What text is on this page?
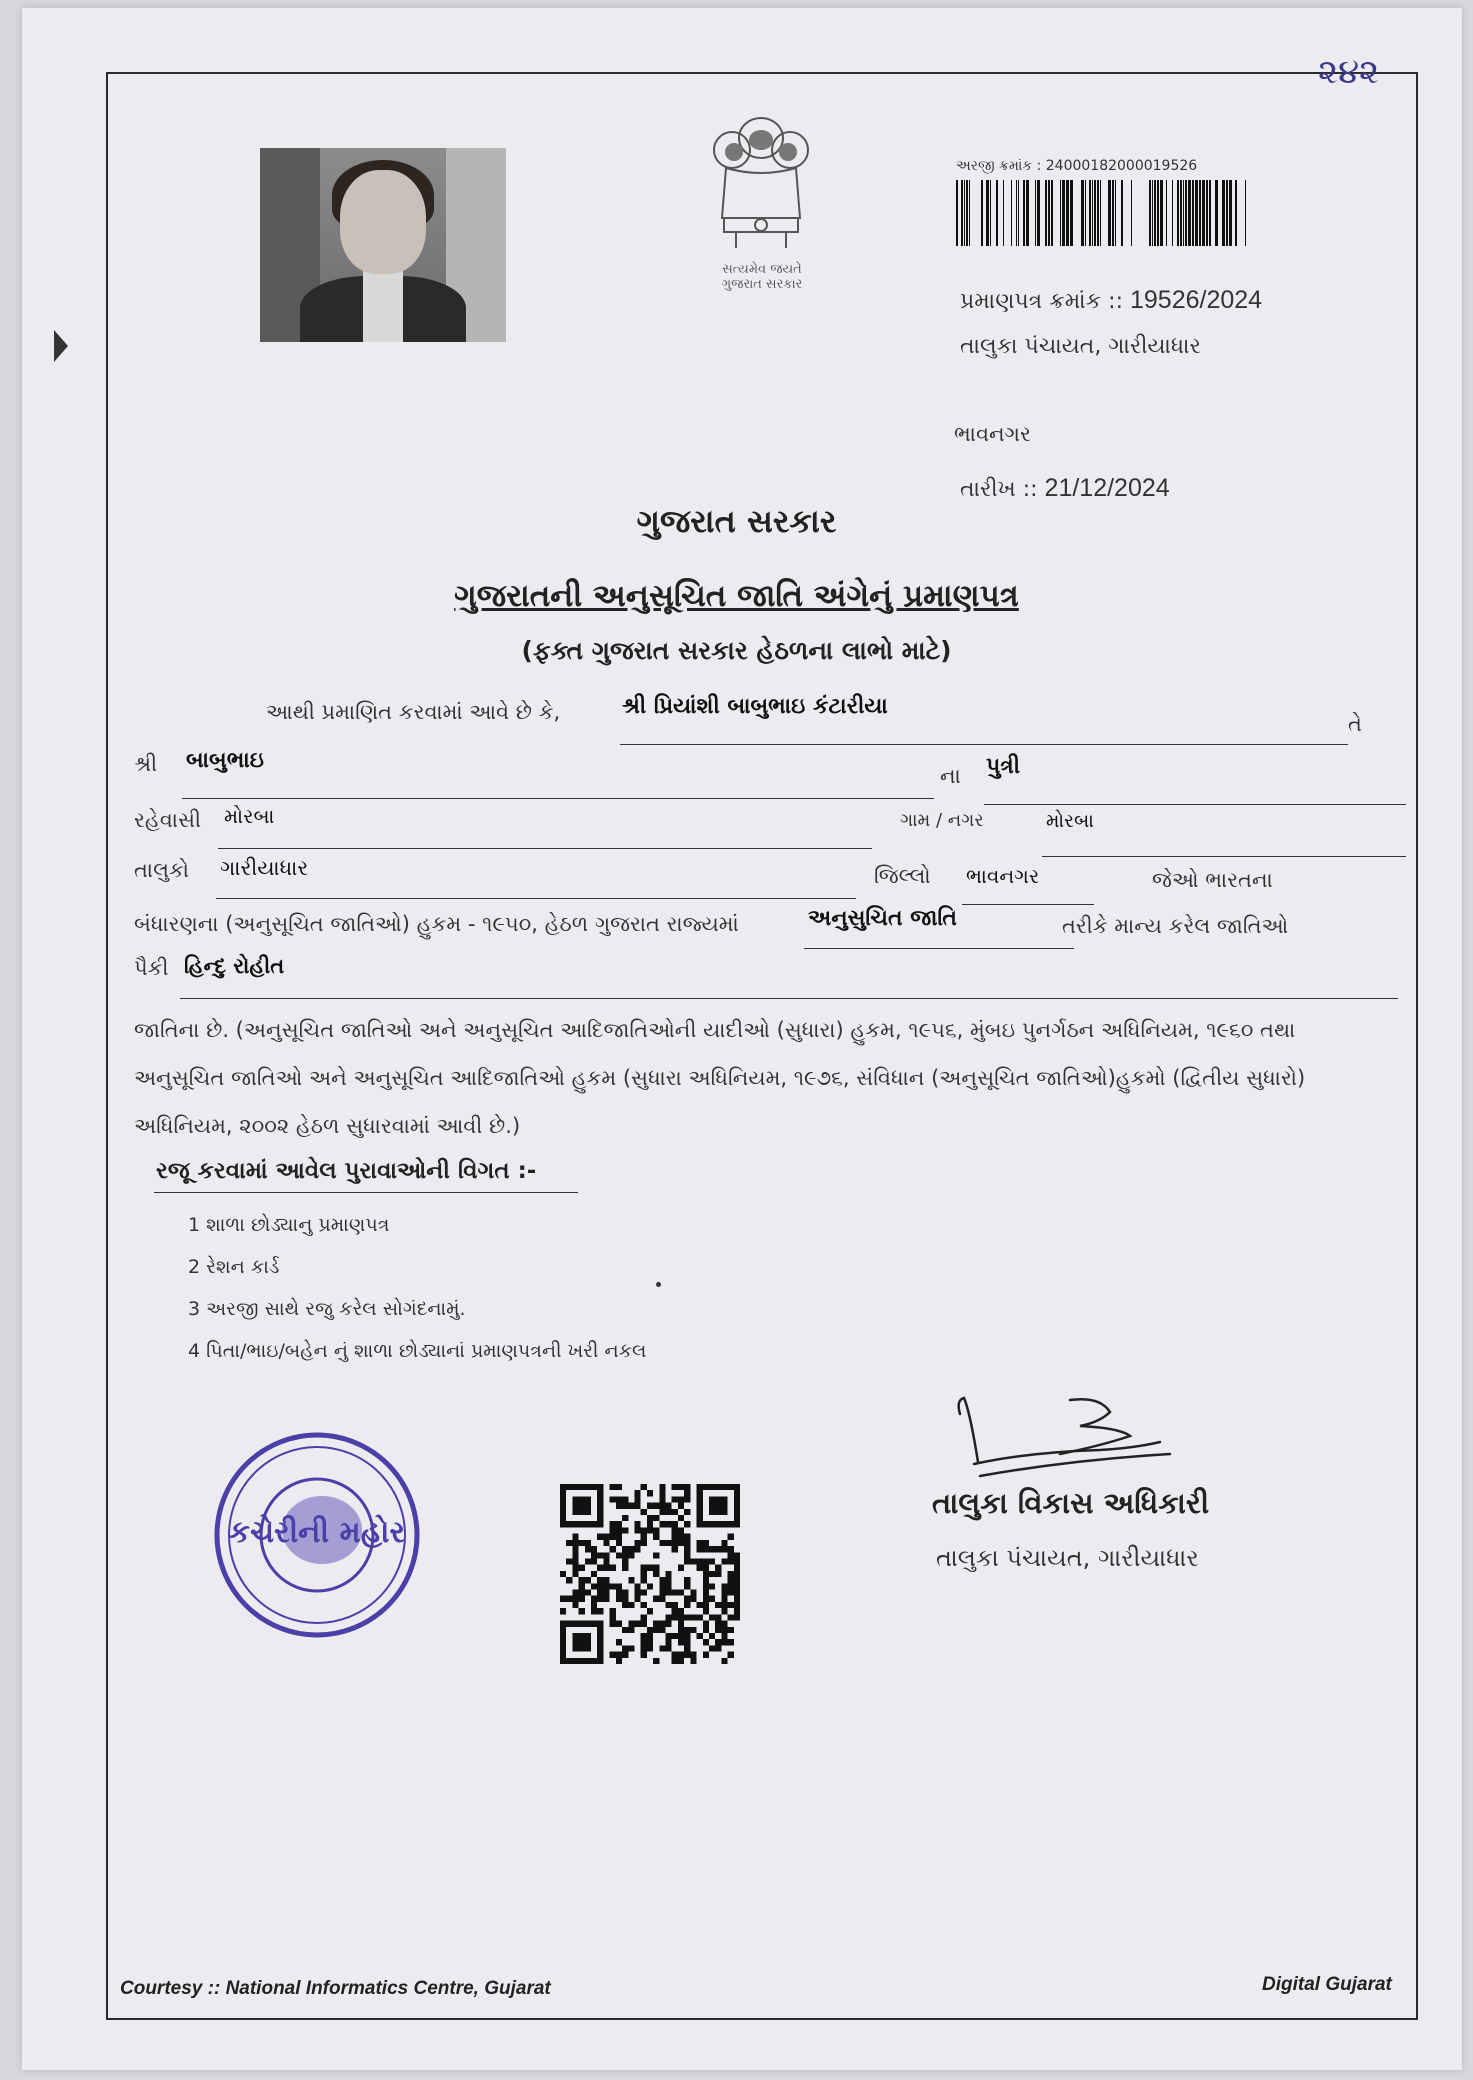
૨૪૨
સત્યમેવ જયતે
ગુજરાત સરકાર
અરજી ક્રમાંક : 24000182000019526
પ્રમાણપત્ર ક્રમાંક :: 19526/2024
તાલુકા પંચાયત, ગારીયાધાર
ભાવનગર
તારીખ :: 21/12/2024
ગુજરાત સરકાર
ગુજરાતની અનુસૂચિત જાતિ અંગેનું પ્રમાણપત્ર
(ફક્ત ગુજરાત સરકાર હેઠળના લાભો માટે)
આથી પ્રમાણિત કરવામાં આવે છે કે,	શ્રી પ્રિયાંશી બાબુભાઇ કંટારીયા
તે
શ્રી બાબુભાઇ
ના પુત્રી
રહેવાસી મોરબા	ગામ / નગર	મોરબા
તાલુકો ગારીયાધાર	જિલ્લો ભાવનગર	જેઓ ભારતના
બંધારણના (અનુસૂચિત જાતિઓ) હુકમ - ૧૯૫૦, હેઠળ ગુજરાત રાજ્યમાં	અનુસુચિત જાતિ	તરીકે માન્ય કરેલ જાતિઓ
પૈકી હિન્દુ રોહીત
જાતિના છે. (અનુસૂચિત જાતિઓ અને અનુસૂચિત આદિજાતિઓની યાદીઓ (સુધારા) હુકમ, ૧૯૫૬, મુંબઇ પુનર્ગઠન અધિનિયમ, ૧૯૬૦ તથા
અનુસૂચિત જાતિઓ અને અનુસૂચિત આદિજાતિઓ હુકમ (સુધારા અધિનિયમ, ૧૯૭૬, સંવિધાન (અનુસૂચિત જાતિઓ)હુકમો (દ્વિતીય સુધારો)
અધિનિયમ, ૨૦૦૨ હેઠળ સુધારવામાં આવી છે.)
રજૂ કરવામાં આવેલ પુરાવાઓની વિગત :-
1 શાળા છોડ્યાનુ પ્રમાણપત્ર
2 રેશન કાર્ડ
3 અરજી સાથે રજુ કરેલ સોગંદનામું.
4 પિતા/ભાઇ/બહેન નું શાળા છોડ્યાનાં પ્રમાણપત્રની ખરી નકલ
કચેરીની મહોર
તાલુકા વિકાસ અધિકારી
તાલુકા પંચાયત, ગારીયાધાર
Courtesy :: National Informatics Centre, Gujarat	Digital Gujarat
